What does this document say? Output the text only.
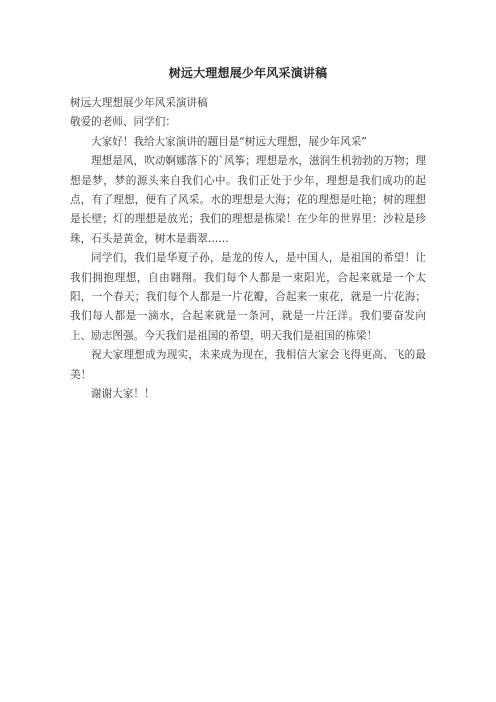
树远大理想展少年风采演讲稿

树远大理想展少年风采演讲稿

敬爱的老师、同学们：

大家好！我给大家演讲的题目是“树远大理想，展少年风采”

理想是风，吹动婀娜落下的`风筝；理想是水，滋润生机勃勃的万物；理想是梦，梦的源头来自我们心中。我们正处于少年，理想是我们成功的起点，有了理想，便有了风采。水的理想是大海；花的理想是吐艳；树的理想是长壁；灯的理想是放光；我们的理想是栋梁！在少年的世界里：沙粒是珍珠，石头是黄金，树木是翡翠……

同学们，我们是华夏子孙，是龙的传人，是中国人，是祖国的希望！让我们拥抱理想，自由翱翔。我们每个人都是一束阳光，合起来就是一个太阳，一个春天；我们每个人都是一片花瓣，合起来一束花，就是一片花海；我们每人都是一滴水，合起来就是一条河，就是一片汪洋。我们要奋发向上、励志图强。今天我们是祖国的希望，明天我们是祖国的栋梁！

祝大家理想成为现实，未来成为现在，我相信大家会飞得更高、飞的最美！

谢谢大家！！
